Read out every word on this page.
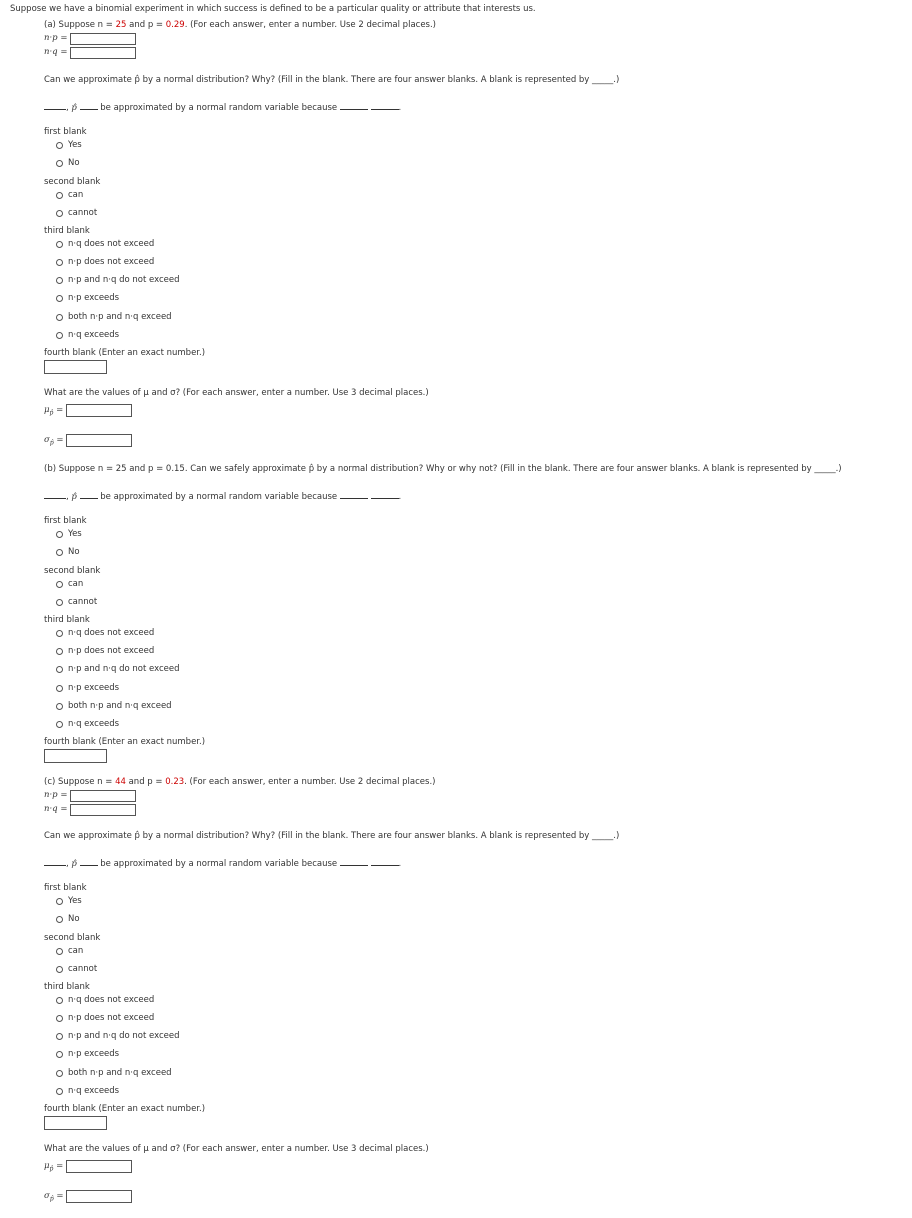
Suppose we have a binomial experiment in which success is defined to be a particular quality or attribute that interests us.
(a) Suppose n = 25 and p = 0.29. (For each answer, enter a number. Use 2 decimal places.)
n·p =
n·q =
Can we approximate p̂ by a normal distribution? Why? (Fill in the blank. There are four answer blanks. A blank is represented by _____.)
, p̂	be approximated by a normal random variable because	.
first blank
Yes
No
second blank
can
cannot
third blank
n·q does not exceed
n·p does not exceed
n·p and n·q do not exceed
n·p exceeds
both n·p and n·q exceed
n·q exceeds
fourth blank (Enter an exact number.)
What are the values of μ and σ? (For each answer, enter a number. Use 3 decimal places.)
$\mu_{p̂}$ =
$\sigma_{p̂}$ =
(b) Suppose n = 25 and p = 0.15. Can we safely approximate p̂ by a normal distribution? Why or why not? (Fill in the blank. There are four answer blanks. A blank is represented by _____.)
, p̂	be approximated by a normal random variable because	.
first blank
Yes
No
second blank
can
cannot
third blank
n·q does not exceed
n·p does not exceed
n·p and n·q do not exceed
n·p exceeds
both n·p and n·q exceed
n·q exceeds
fourth blank (Enter an exact number.)
(c) Suppose n = 44 and p = 0.23. (For each answer, enter a number. Use 2 decimal places.)
n·p =
n·q =
Can we approximate p̂ by a normal distribution? Why? (Fill in the blank. There are four answer blanks. A blank is represented by _____.)
, p̂	be approximated by a normal random variable because	.
first blank
Yes
No
second blank
can
cannot
third blank
n·q does not exceed
n·p does not exceed
n·p and n·q do not exceed
n·p exceeds
both n·p and n·q exceed
n·q exceeds
fourth blank (Enter an exact number.)
What are the values of μ and σ? (For each answer, enter a number. Use 3 decimal places.)
$\mu_{p̂}$ =
$\sigma_{p̂}$ =
